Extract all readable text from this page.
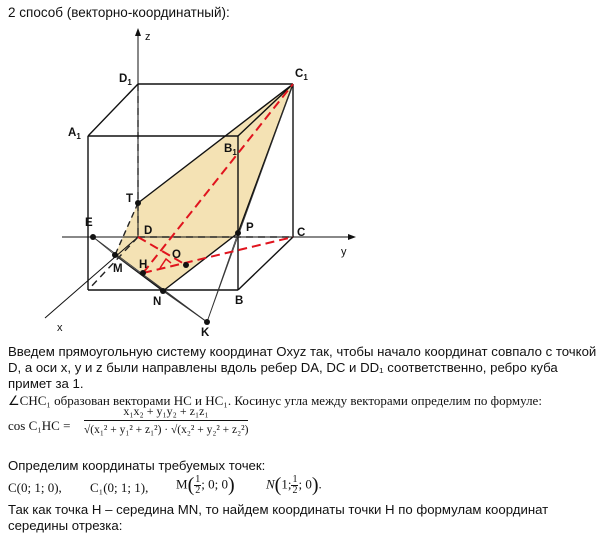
2 способ (векторно-координатный):
z
y
x
$D_1$
$C_1$
$A_1$
$B_1$
T
E
D	P	C
M H
O
N	B
K
Введем прямоугольную систему координат Oxyz так, чтобы начало координат совпало с точкой
D, а оси x, y и z были направлены вдоль ребер DA, DC и DD₁ соответственно, ребро куба
примет за 1.
∠CHC₁ образован векторами HC и HC₁. Косинус угла между векторами определим по формуле:
cos C₁HC =
x₁x₂ + y₁y₂ + z₁z₁
√(x₁² + y₁² + z₁²) · √(x₂² + y₂² + z₂²)
Определим координаты требуемых точек:
C(0; 1; 0), C₁(0; 1; 1), $M( \frac{1}{2}$ ; 0; 0) N(1; $\frac{1}{2}$ ; 0).
Так как точка H – середина MN, то найдем координаты точки H по формулам координат
середины отрезка:
